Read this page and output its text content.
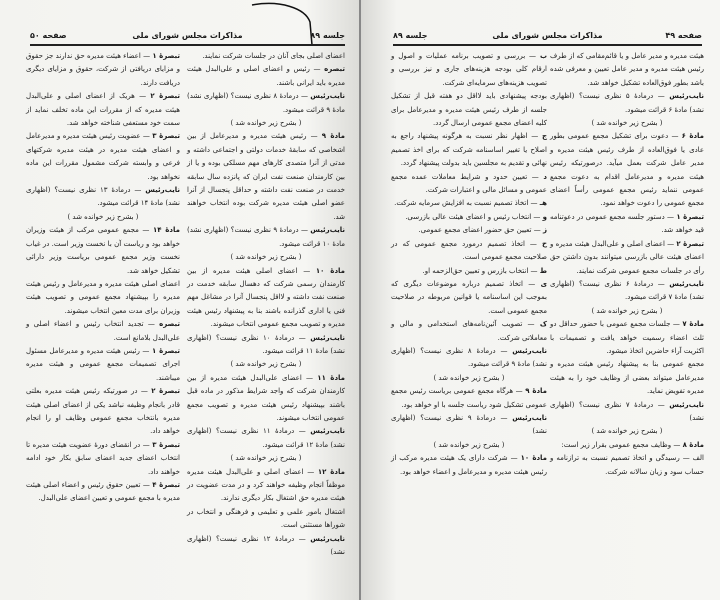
جلسه ۸۹
مذاکرات مجلس شورای ملی
صفحه ۵۰

اعضای اصلی بجای آنان در جلسات شرکت نمایند.

تبصره — رئیس و اعضای اصلی و علی‌البدل هیئت مدیره باید ایرانی باشند.

نایب‌رئیس — درمادهٔ ۸ نظری نیست؟ (اظهاری نشد) مادهٔ ۹ قرائت میشود.

( بشرح زیر خوانده شد )

مادهٔ ۹ — رئیس هیئت مدیره و مدیرعامل از بین اشخاصی که سابقهٔ خدمات دولتی و اجتماعی داشته و مدتی از آنرا متصدی کارهای مهم مسلکی بوده و یا از بین کارمندان صنعت نفت ایران که پانزده سال سابقه خدمت در صنعت نفت داشته و حداقل پنجسال از آنرا عضو اصلی هیئت مدیره شرکت بوده انتخاب خواهند شد.

نایب‌رئیس — درمادهٔ ۹ نظری نیست؟ (اظهاری نشد) مادهٔ ۱۰ قرائت میشود.

( بشرح زیر خوانده شد )

مادهٔ ۱۰ — اعضای اصلی هیئت مدیره از بین کارمندان رسمی شرکت که دهسال سابقه خدمت در صنعت نفت داشته و لااقل پنجسال آنرا در مشاغل مهم فنی یا اداری گذرانده باشند بنا به پیشنهاد رئیس هیئت مدیره و تصویب مجمع عمومی انتخاب میشوند.

نایب‌رئیس — درمادهٔ ۱۰ نظری نیست؟ (اظهاری نشد) مادهٔ ۱۱ قرائت میشود.

( بشرح زیر خوانده شد )

مادهٔ ۱۱ — اعضای علی‌البدل هیئت مدیره از بین کارمندان شرکت که واجد شرایط مذکور در ماده قبل باشند بپیشنهاد رئیس هیئت مدیره و تصویب مجمع عمومی انتخاب میشوند.

نایب‌رئیس — درمادهٔ ۱۱ نظری نیست؟ (اظهاری نشد) مادهٔ ۱۲ قرائت میشود.

( بشرح زیر خوانده شد )

مادهٔ ۱۲ — اعضای اصلی و علی‌البدل هیئت مدیره موظفاً انجام وظیفه خواهند کرد و در مدت عضویت در هیئت مدیره حق اشتغال بکار دیگری ندارند.

اشتغال بامور علمی و تعلیمی و فرهنگی و انتخاب در شوراها مستثنی است.

نایب‌رئیس — درمادهٔ ۱۲ نظری نیست؟ (اظهاری نشد)

تبصرهٔ ۱ — اعضاء هیئت مدیره حق ندارند جز حقوق و مزایای دریافتی از شرکت، حقوق و مزایای دیگری دریافت دارند.

تبصرهٔ ۲ — هریک از اعضای اصلی و علی‌البدل هیئت مدیره که از مقررات این ماده تخلف نماید از سمت خود مستعفی شناخته خواهد شد.

تبصرهٔ ۳ — عضویت رئیس هیئت مدیره و مدیرعامل و اعضای هیئت مدیره در هیئت مدیره شرکتهای فرعی و وابسته شرکت مشمول مقررات این ماده نخواهد بود.

نایب‌رئیس — درمادهٔ ۱۳ نظری نیست؟ (اظهاری نشد) مادهٔ ۱۴ قرائت میشود.

( بشرح زیر خوانده شد )

مادهٔ ۱۴ — مجمع عمومی مرکب از هیئت وزیران خواهد بود و ریاست آن با نخست وزیر است. در غیاب نخست وزیر مجمع عمومی بریاست وزیر دارائی تشکیل خواهد شد.

اعضای اصلی هیئت مدیره و مدیرعامل و رئیس هیئت مدیره را بپیشنهاد مجمع عمومی و تصویب هیئت وزیران برای مدت معین انتخاب میشوند.

تبصره — تجدید انتخاب رئیس و اعضاء اصلی و علی‌البدل بلامانع است.

تبصرهٔ ۱ — رئیس هیئت مدیره و مدیرعامل مسئول اجرای تصمیمات مجمع عمومی و هیئت مدیره میباشند.

تبصرهٔ ۲ — در صورتیکه رئیس هیئت مدیره بعلتی قادر بانجام وظیفه نباشد یکی از اعضای اصلی هیئت مدیره بانتخاب مجمع عمومی وظایف او را انجام خواهد داد.

تبصرهٔ ۳ — در انقضای دورهٔ عضویت هیئت مدیره تا انتخاب اعضای جدید اعضای سابق بکار خود ادامه خواهند داد.

تبصرهٔ ۴ — تعیین حقوق رئیس و اعضاء اصلی هیئت مدیره با مجمع عمومی و تعیین اعضای علی‌البدل.

جلسه ۸۹	مذاکرات مجلس شورای ملی	صفحه ۴۹

هیئت مدیره و مدیر عامل و یا قائم‌مقامی که از طرف رئیس هیئت مدیره و مدیر عامل تعیین و معرفی شده باشد بطور فوق‌العاده تشکیل خواهد شد.

نایب‌رئیس — درمادهٔ ۵ نظری نیست؟ (اظهاری نشد) مادهٔ ۶ قرائت میشود.

( بشرح زیر خوانده شد )

مادهٔ ۶ — دعوت برای تشکیل مجمع عمومی بطور عادی یا فوق‌العاده از طرف رئیس هیئت مدیره و مدیر عامل شرکت بعمل میآید. درصورتیکه رئیس هیئت مدیره و مدیرعامل اقدام به دعوت مجمع عمومی ننماید رئیس مجمع عمومی رأساً اعضای مجمع عمومی را دعوت خواهد نمود.

تبصرهٔ ۱ — دستور جلسه مجمع عمومی در دعوتنامه قید خواهد شد.

تبصرهٔ ۲ — اعضای اصلی و علی‌البدل هیئت مدیره و اعضای هیئت عالی بازرسی میتوانند بدون داشتن حق رأی در جلسات مجمع عمومی شرکت نمایند.

نایب‌رئیس — درمادهٔ ۶ نظری نیست؟ (اظهاری نشد) مادهٔ ۷ قرائت میشود.

( بشرح زیر خوانده شد )

مادهٔ ۷ — جلسات مجمع عمومی با حضور حداقل دو ثلث اعضاء رسمیت خواهد یافت و تصمیمات با اکثریت آراء حاضرین اتخاذ میشود.

مجمع عمومی بنا به پیشنهاد رئیس هیئت مدیره و مدیرعامل میتواند بعضی از وظایف خود را به هیئت مدیره تفویض نماید.

نایب‌رئیس — درمادهٔ ۷ نظری نیست؟ (اظهاری نشد)

( بشرح زیر خوانده شد )

مادهٔ ۸ — وظایف مجمع عمومی بقرار زیر است:

الف — رسیدگی و اتخاذ تصمیم نسبت به ترازنامه و حساب سود و زیان سالانه شرکت.

ب — بررسی و تصویب برنامه عملیات و اصول و ارقام کلی بودجه هزینه‌های جاری و نیز بررسی و تصویب هزینه‌های سرمایه‌ای شرکت.

بودجه پیشنهادی باید لااقل دو هفته قبل از تشکیل جلسه از طرف رئیس هیئت مدیره و مدیرعامل برای کلیه اعضای مجمع عمومی ارسال گردد.

ج — اظهار نظر نسبت به هرگونه پیشنهاد راجع به اصلاح یا تغییر اساسنامه شرکت که برای اخذ تصمیم نهائی و تقدیم به مجلسین باید بدولت پیشنهاد گردد.

د — تعیین حدود و شرایط معاملات عمده مجمع عمومی و مسائل مالی و اعتبارات شرکت.

هـ — اتخاذ تصمیم نسبت به افزایش سرمایه شرکت.

و — انتخاب رئیس و اعضای هیئت عالی بازرسی.

ز — تعیین حق حضور اعضای مجمع عمومی.

ح — اتخاذ تصمیم درمورد مجمع عمومی که در صلاحیت مجمع عمومی است.

ط — انتخاب بازرس و تعیین حق‌الزحمه او.

ی — اتخاذ تصمیم درباره موضوعات دیگری که بموجب این اساسنامه یا قوانین مربوطه در صلاحیت مجمع عمومی است.

ک — تصویب آئین‌نامه‌های استخدامی و مالی و معاملاتی شرکت.

نایب‌رئیس — درمادهٔ ۸ نظری نیست؟ (اظهاری نشد) مادهٔ ۹ قرائت میشود.

( بشرح زیر خوانده شد )

مادهٔ ۹ — هرگاه مجمع عمومی بریاست رئیس مجمع عمومی تشکیل شود ریاست جلسه با او خواهد بود.

نایب‌رئیس — درمادهٔ ۹ نظری نیست؟ (اظهاری نشد)

( بشرح زیر خوانده شد )

مادهٔ ۱۰ — شرکت دارای یک هیئت مدیره مرکب از رئیس هیئت مدیره و مدیرعامل و اعضاء خواهد بود.
